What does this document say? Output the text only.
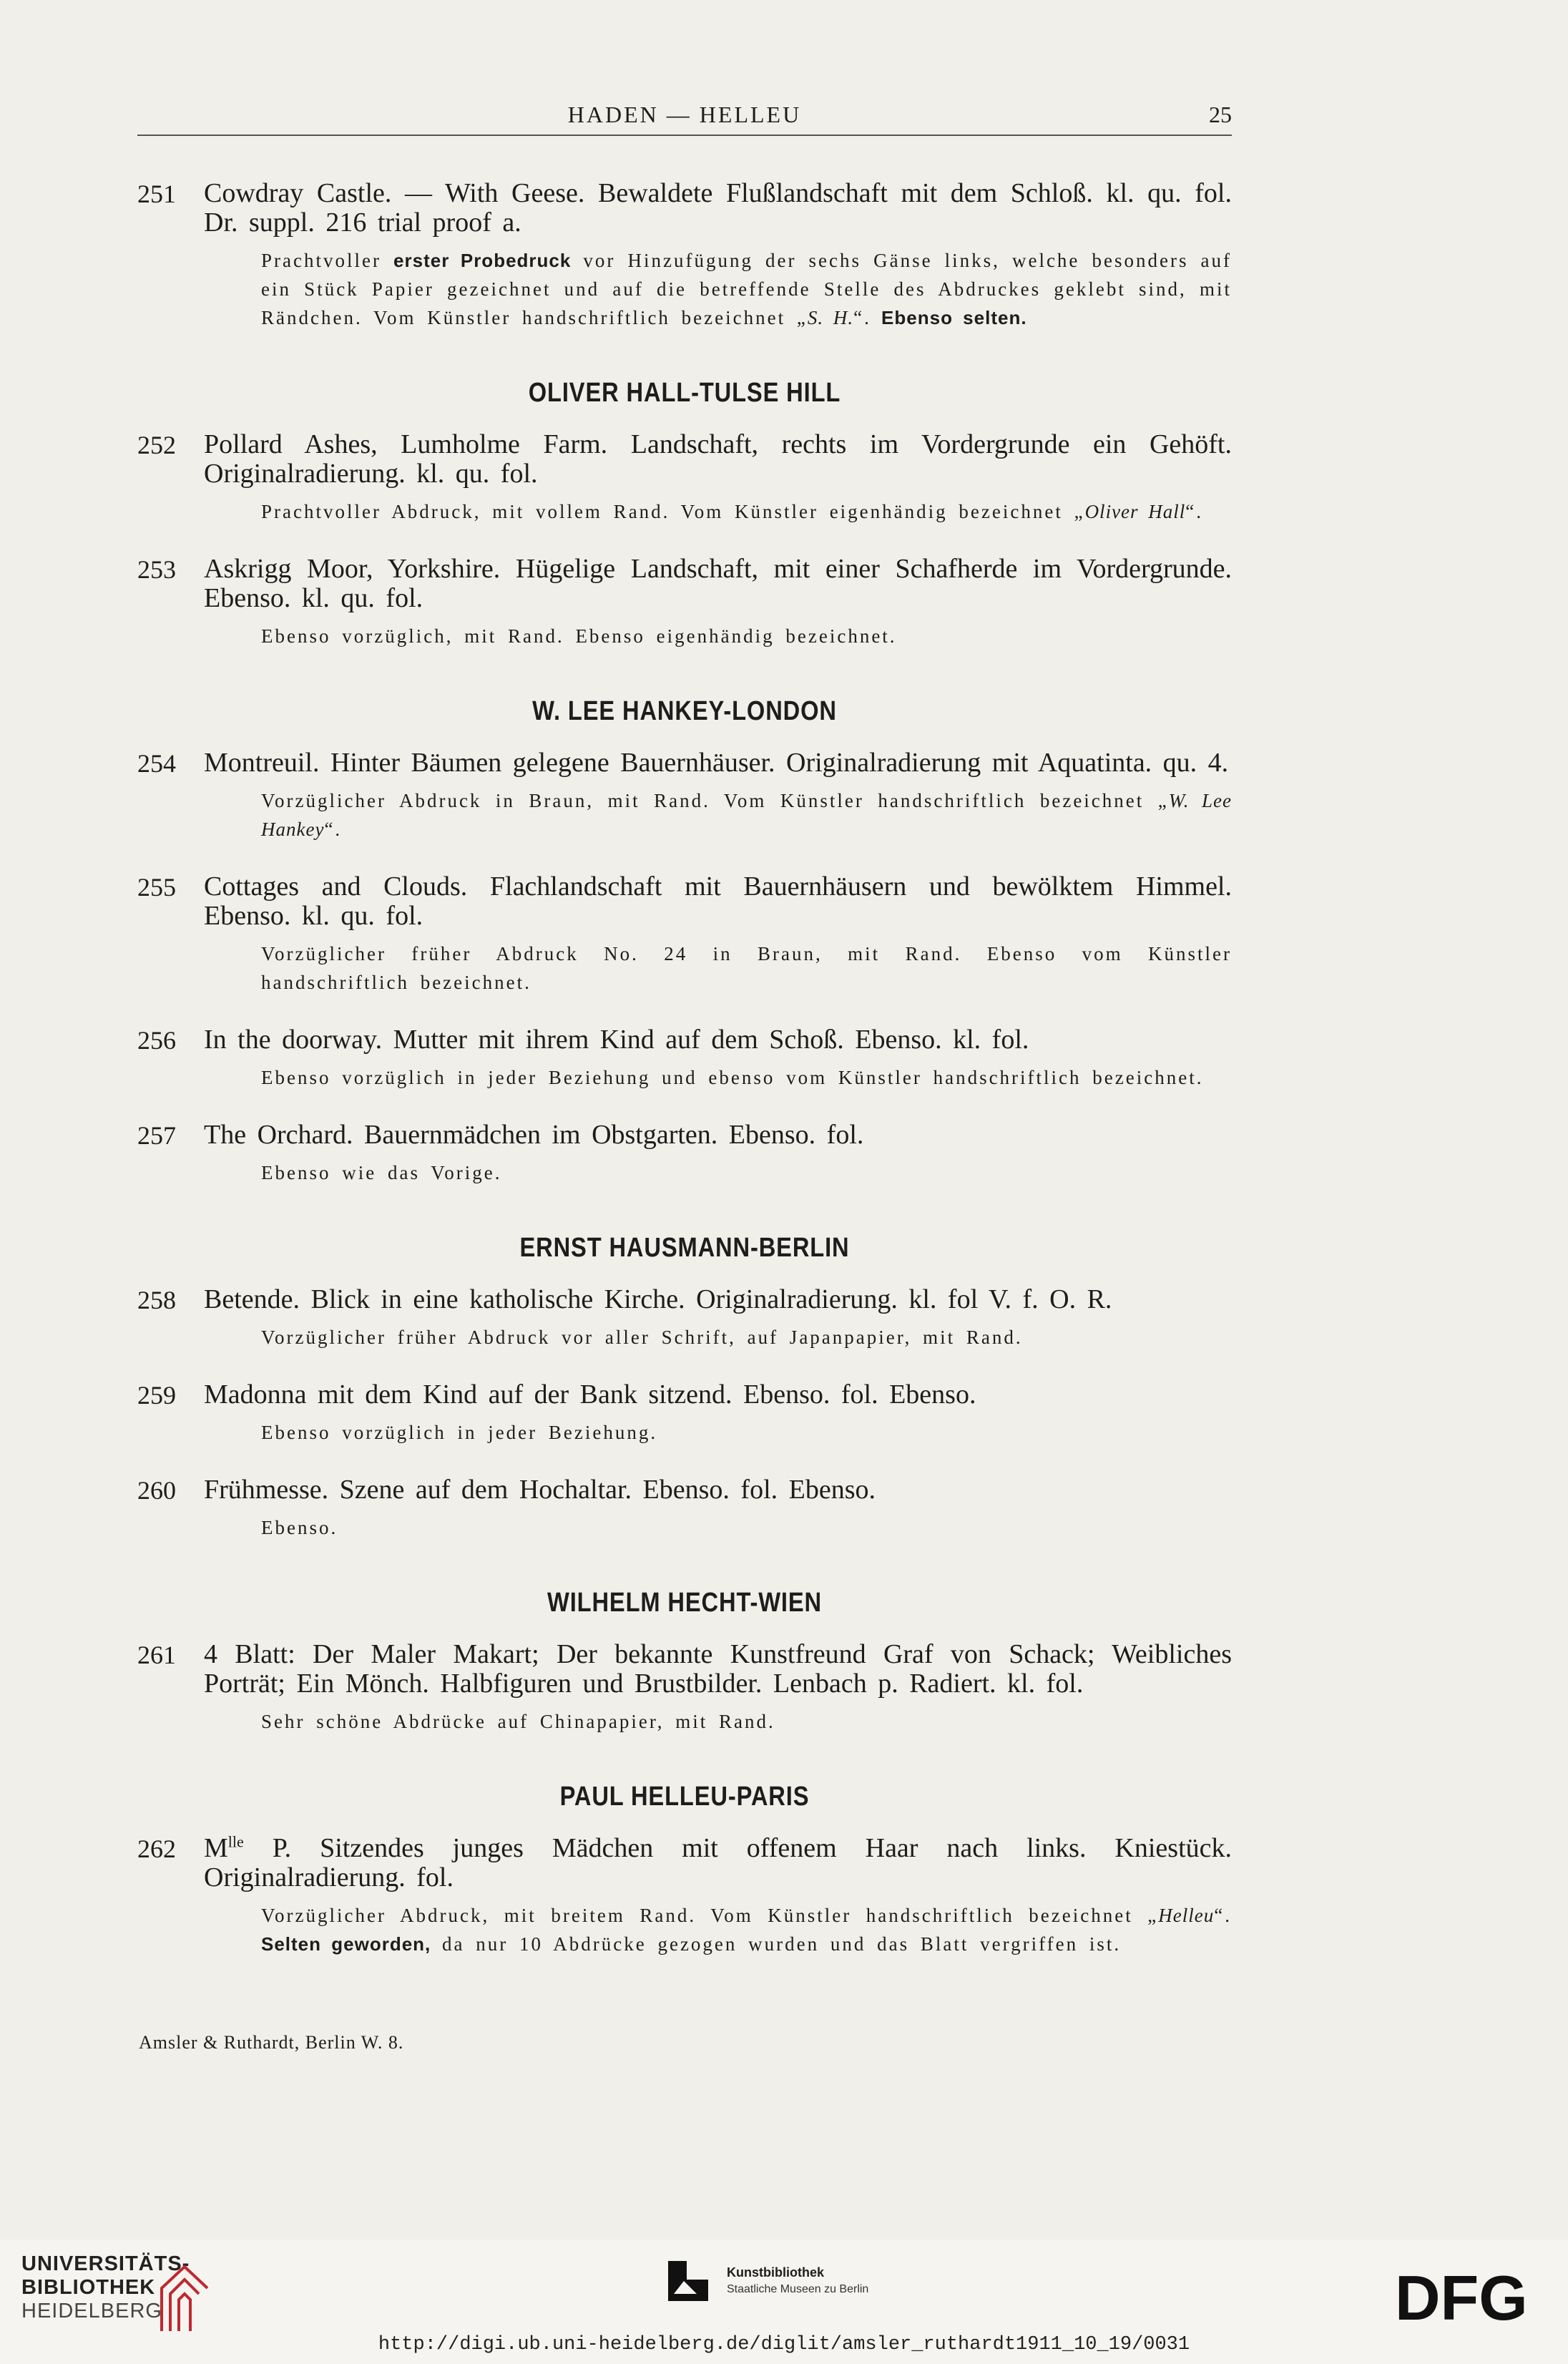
HADEN — HELLEU	25
251 Cowdray Castle. — With Geese. Bewaldete Flußlandschaft mit dem Schloß. kl. qu. fol. Dr. suppl. 216 trial proof a.
Prachtvoller erster Probedruck vor Hinzufügung der sechs Gänse links, welche besonders auf ein Stück Papier gezeichnet und auf die betreffende Stelle des Abdruckes geklebt sind, mit Rändchen. Vom Künstler handschriftlich bezeichnet „S. H.“. Ebenso selten.
OLIVER HALL-TULSE HILL
252 Pollard Ashes, Lumholme Farm. Landschaft, rechts im Vordergrunde ein Gehöft. Originalradierung. kl. qu. fol.
Prachtvoller Abdruck, mit vollem Rand. Vom Künstler eigenhändig bezeichnet „Oliver Hall“.
253 Askrigg Moor, Yorkshire. Hügelige Landschaft, mit einer Schafherde im Vordergrunde. Ebenso. kl. qu. fol.
Ebenso vorzüglich, mit Rand. Ebenso eigenhändig bezeichnet.
W. LEE HANKEY-LONDON
254 Montreuil. Hinter Bäumen gelegene Bauernhäuser. Originalradierung mit Aquatinta. qu. 4.
Vorzüglicher Abdruck in Braun, mit Rand. Vom Künstler handschriftlich bezeichnet „W. Lee Hankey“.
255 Cottages and Clouds. Flachlandschaft mit Bauernhäusern und bewölktem Himmel. Ebenso. kl. qu. fol.
Vorzüglicher früher Abdruck No. 24 in Braun, mit Rand. Ebenso vom Künstler handschriftlich bezeichnet.
256 In the doorway. Mutter mit ihrem Kind auf dem Schoß. Ebenso. kl. fol.
Ebenso vorzüglich in jeder Beziehung und ebenso vom Künstler handschriftlich bezeichnet.
257 The Orchard. Bauernmädchen im Obstgarten. Ebenso. fol.
Ebenso wie das Vorige.
ERNST HAUSMANN-BERLIN
258 Betende. Blick in eine katholische Kirche. Originalradierung. kl. fol V. f. O. R.
Vorzüglicher früher Abdruck vor aller Schrift, auf Japanpapier, mit Rand.
259 Madonna mit dem Kind auf der Bank sitzend. Ebenso. fol. Ebenso.
Ebenso vorzüglich in jeder Beziehung.
260 Frühmesse. Szene auf dem Hochaltar. Ebenso. fol. Ebenso.
Ebenso.
WILHELM HECHT-WIEN
261 4 Blatt: Der Maler Makart; Der bekannte Kunstfreund Graf von Schack; Weibliches Porträt; Ein Mönch. Halbfiguren und Brustbilder. Lenbach p. Radiert. kl. fol.
Sehr schöne Abdrücke auf Chinapapier, mit Rand.
PAUL HELLEU-PARIS
262 $M^{lle}$ P. Sitzendes junges Mädchen mit offenem Haar nach links. Kniestück. Originalradierung. fol.
Vorzüglicher Abdruck, mit breitem Rand. Vom Künstler handschriftlich bezeichnet „Helleu“. Selten geworden, da nur 10 Abdrücke gezogen wurden und das Blatt vergriffen ist.
Amsler & Ruthardt, Berlin W. 8.
UNIVERSITÄTS-
BIBLIOTHEK
HEIDELBERG
Kunstbibliothek
Staatliche Museen zu Berlin	DFG
http://digi.ub.uni-heidelberg.de/diglit/amsler_ruthardt1911_10_19/0031
